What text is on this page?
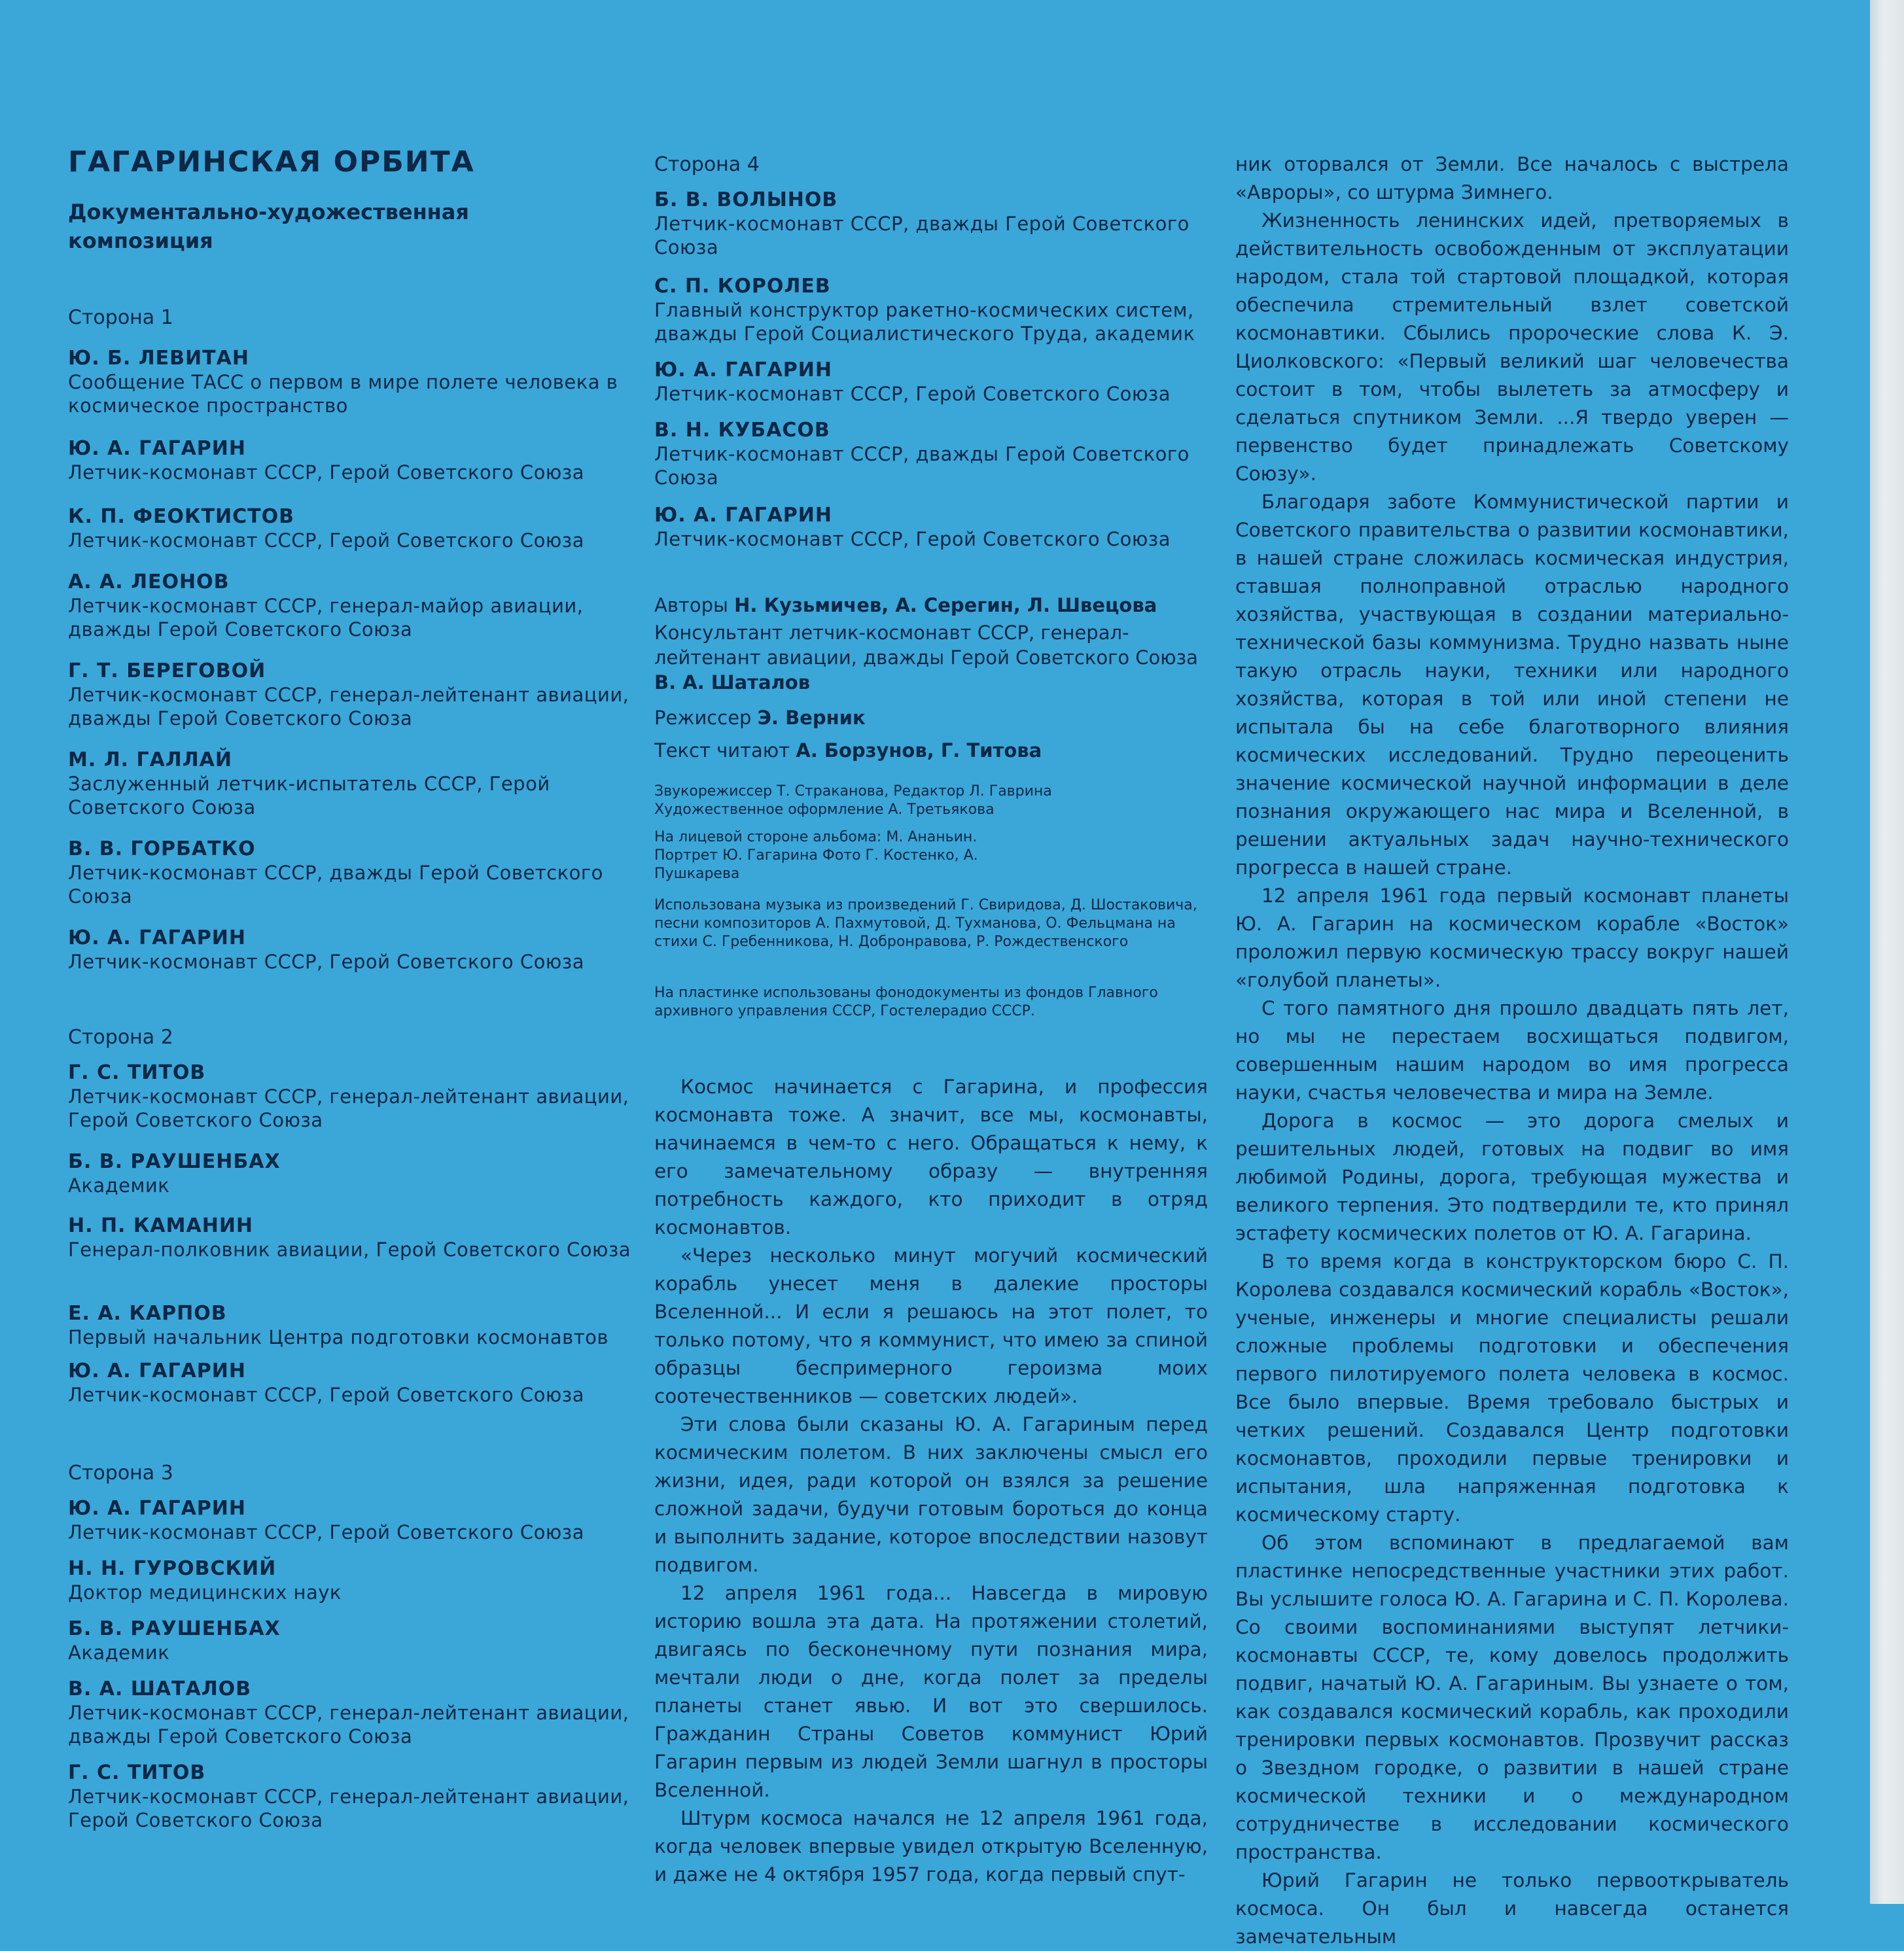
ГАГАРИНСКАЯ ОРБИТА
Документально-художественная композиция
Сторона 1
Ю. Б. ЛЕВИТАН
Сообщение ТАСС о первом в мире полете человека в космическое пространство
Ю. А. ГАГАРИН
Летчик-космонавт СССР, Герой Советского Союза
К. П. ФЕОКТИСТОВ
Летчик-космонавт СССР, Герой Советского Союза
А. А. ЛЕОНОВ
Летчик-космонавт СССР, генерал-майор авиации, дважды Герой Советского Союза
Г. Т. БЕРЕГОВОЙ
Летчик-космонавт СССР, генерал-лейтенант авиации, дважды Герой Советского Союза
М. Л. ГАЛЛАЙ
Заслуженный летчик-испытатель СССР, Герой Советского Союза
В. В. ГОРБАТКО
Летчик-космонавт СССР, дважды Герой Советского Союза
Ю. А. ГАГАРИН
Летчик-космонавт СССР, Герой Советского Союза
Сторона 2
Г. С. ТИТОВ
Летчик-космонавт СССР, генерал-лейтенант авиации, Герой Советского Союза
Б. В. РАУШЕНБАХ
Академик
Н. П. КАМАНИН
Генерал-полковник авиации, Герой Советского Союза
Е. А. КАРПОВ
Первый начальник Центра подготовки космонавтов
Ю. А. ГАГАРИН
Летчик-космонавт СССР, Герой Советского Союза
Сторона 3
Ю. А. ГАГАРИН
Летчик-космонавт СССР, Герой Советского Союза
Н. Н. ГУРОВСКИЙ
Доктор медицинских наук
Б. В. РАУШЕНБАХ
Академик
В. А. ШАТАЛОВ
Летчик-космонавт СССР, генерал-лейтенант авиации, дважды Герой Советского Союза
Г. С. ТИТОВ
Летчик-космонавт СССР, генерал-лейтенант авиации, Герой Советского Союза
Сторона 4
Б. В. ВОЛЫНОВ
Летчик-космонавт СССР, дважды Герой Советского Союза
С. П. КОРОЛЕВ
Главный конструктор ракетно-космических систем, дважды Герой Социалистического Труда, академик
Ю. А. ГАГАРИН
Летчик-космонавт СССР, Герой Советского Союза
В. Н. КУБАСОВ
Летчик-космонавт СССР, дважды Герой Советского Союза
Ю. А. ГАГАРИН
Летчик-космонавт СССР, Герой Советского Союза
Авторы Н. Кузьмичев, А. Серегин, Л. Швецова
Консультант летчик-космонавт СССР, генерал-лейтенант авиации, дважды Герой Советского Союза В. А. Шаталов
Режиссер Э. Верник
Текст читают А. Борзунов, Г. Титова
Звукорежиссер Т. Страканова, Редактор Л. Гаврина
Художественное оформление А. Третьякова
На лицевой стороне альбома: М. Ананьин. Портрет Ю. Гагарина Фото Г. Костенко, А. Пушкарева
Использована музыка из произведений Г. Свиридова, Д. Шостаковича, песни композиторов А. Пахмутовой, Д. Тухманова, О. Фельцмана на стихи С. Гребенникова, Н. Добронравова, Р. Рождественского
На пластинке использованы фонодокументы из фондов Главного архивного управления СССР, Гостелерадио СССР.

Космос начинается с Гагарина, и профессия космонавта тоже. А значит, все мы, космонавты, начинаемся в чем-то с него. Обращаться к нему, к его замечательному образу — внутренняя потребность каждого, кто приходит в отряд космонавтов.

«Через несколько минут могучий космический корабль унесет меня в далекие просторы Вселенной... И если я решаюсь на этот полет, то только потому, что я коммунист, что имею за спиной образцы беспримерного героизма моих соотечественников — советских людей».

Эти слова были сказаны Ю. А. Гагариным перед космическим полетом. В них заключены смысл его жизни, идея, ради которой он взялся за решение сложной задачи, будучи готовым бороться до конца и выполнить задание, которое впоследствии назовут подвигом.

12 апреля 1961 года... Навсегда в мировую историю вошла эта дата. На протяжении столетий, двигаясь по бесконечному пути познания мира, мечтали люди о дне, когда полет за пределы планеты станет явью. И вот это свершилось. Гражданин Страны Советов коммунист Юрий Гагарин первым из людей Земли шагнул в просторы Вселенной.

Штурм космоса начался не 12 апреля 1961 года, когда человек впервые увидел открытую Вселенную, и даже не 4 октября 1957 года, когда первый спут-

ник оторвался от Земли. Все началось с выстрела «Авроры», со штурма Зимнего.

Жизненность ленинских идей, претворяемых в действительность освобожденным от эксплуатации народом, стала той стартовой площадкой, которая обеспечила стремительный взлет советской космонавтики. Сбылись пророческие слова К. Э. Циолковского: «Первый великий шаг человечества состоит в том, чтобы вылететь за атмосферу и сделаться спутником Земли. ...Я твердо уверен — первенство будет принадлежать Советскому Союзу».

Благодаря заботе Коммунистической партии и Советского правительства о развитии космонавтики, в нашей стране сложилась космическая индустрия, ставшая полноправной отраслью народного хозяйства, участвующая в создании материально-технической базы коммунизма. Трудно назвать ныне такую отрасль науки, техники или народного хозяйства, которая в той или иной степени не испытала бы на себе благотворного влияния космических исследований. Трудно переоценить значение космической научной информации в деле познания окружающего нас мира и Вселенной, в решении актуальных задач научно-технического прогресса в нашей стране.

12 апреля 1961 года первый космонавт планеты Ю. А. Гагарин на космическом корабле «Восток» проложил первую космическую трассу вокруг нашей «голубой планеты».

С того памятного дня прошло двадцать пять лет, но мы не перестаем восхищаться подвигом, совершенным нашим народом во имя прогресса науки, счастья человечества и мира на Земле.

Дорога в космос — это дорога смелых и решительных людей, готовых на подвиг во имя любимой Родины, дорога, требующая мужества и великого терпения. Это подтвердили те, кто принял эстафету космических полетов от Ю. А. Гагарина.

В то время когда в конструкторском бюро С. П. Королева создавался космический корабль «Восток», ученые, инженеры и многие специалисты решали сложные проблемы подготовки и обеспечения первого пилотируемого полета человека в космос. Все было впервые. Время требовало быстрых и четких решений. Создавался Центр подготовки космонавтов, проходили первые тренировки и испытания, шла напряженная подготовка к космическому старту.

Об этом вспоминают в предлагаемой вам пластинке непосредственные участники этих работ. Вы услышите голоса Ю. А. Гагарина и С. П. Королева. Со своими воспоминаниями выступят летчики-космонавты СССР, те, кому довелось продолжить подвиг, начатый Ю. А. Гагариным. Вы узнаете о том, как создавался космический корабль, как проходили тренировки первых космонавтов. Прозвучит рассказ о Звездном городке, о развитии в нашей стране космической техники и о международном сотрудничестве в исследовании космического пространства.

Юрий Гагарин не только первооткрыватель космоса. Он был и навсегда останется замечательным
